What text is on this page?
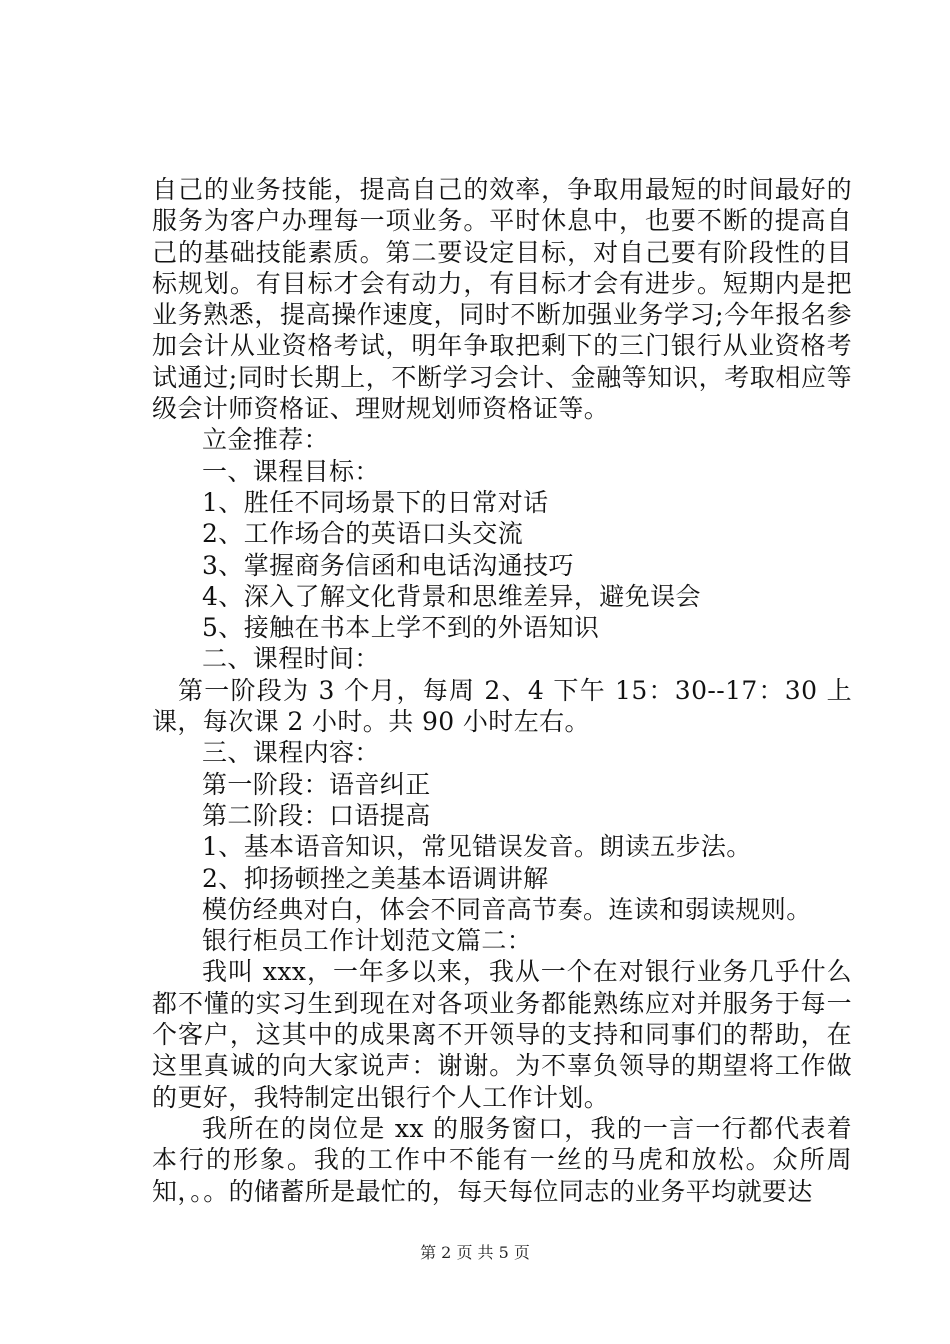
自己的业务技能，提高自己的效率，争取用最短的时间最好的服务为客户办理每一项业务。平时休息中，也要不断的提高自己的基础技能素质。第二要设定目标，对自己要有阶段性的目标规划。有目标才会有动力，有目标才会有进步。短期内是把业务熟悉，提高操作速度，同时不断加强业务学习;今年报名参加会计从业资格考试，明年争取把剩下的三门银行从业资格考试通过;同时长期上，不断学习会计、金融等知识，考取相应等级会计师资格证、理财规划师资格证等。

立金推荐：

一、课程目标：

1、胜任不同场景下的日常对话

2、工作场合的英语口头交流

3、掌握商务信函和电话沟通技巧

4、深入了解文化背景和思维差异，避免误会

5、接触在书本上学不到的外语知识

二、课程时间：

第一阶段为 3 个月，每周 2、4 下午 15：30--17：30 上课，每次课 2 小时。共 90 小时左右。

三、课程内容：

第一阶段：语音纠正

第二阶段：口语提高

1、基本语音知识，常见错误发音。朗读五步法。

2、抑扬顿挫之美基本语调讲解

模仿经典对白，体会不同音高节奏。连读和弱读规则。

银行柜员工作计划范文篇二：

我叫 xxx，一年多以来，我从一个在对银行业务几乎什么都不懂的实习生到现在对各项业务都能熟练应对并服务于每一个客户，这其中的成果离不开领导的支持和同事们的帮助，在这里真诚的向大家说声：谢谢。为不辜负领导的期望将工作做的更好，我特制定出银行个人工作计划。

我所在的岗位是 xx 的服务窗口，我的一言一行都代表着本行的形象。我的工作中不能有一丝的马虎和放松。众所周知，。。的储蓄所是最忙的，每天每位同志的业务平均就要达

第 2 页 共 5 页
